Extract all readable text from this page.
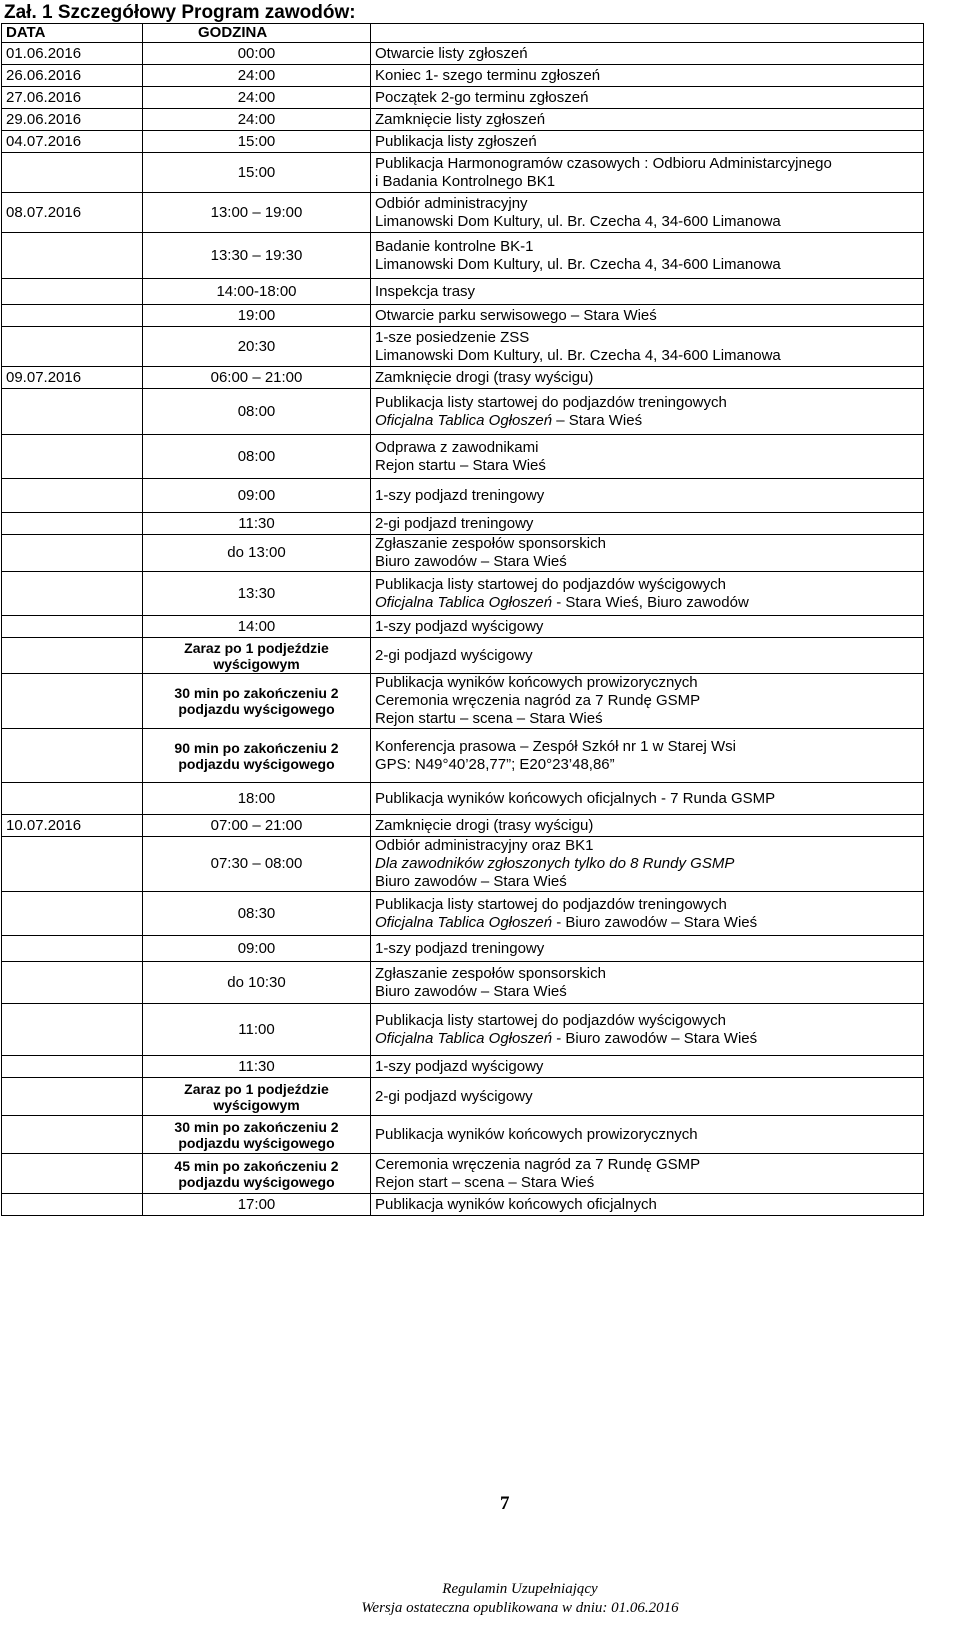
Zał. 1 Szczegółowy Program zawodów:
DATA	GODZINA	
01.06.2016	00:00	Otwarcie listy zgłoszeń

26.06.2016	24:00	Koniec 1- szego terminu zgłoszeń

27.06.2016	24:00	Początek 2-go terminu zgłoszeń

29.06.2016	24:00	Zamknięcie listy zgłoszeń

04.07.2016	15:00	Publikacja listy zgłoszeń

	15:00	Publikacja Harmonogramów czasowych : Odbioru Administarcyjnego
i Badania Kontrolnego BK1

08.07.2016	13:00 – 19:00	Odbiór administracyjny
Limanowski Dom Kultury, ul. Br. Czecha 4, 34-600 Limanowa

	13:30 – 19:30	Badanie kontrolne BK-1
Limanowski Dom Kultury, ul. Br. Czecha 4, 34-600 Limanowa

	14:00-18:00	Inspekcja trasy

	19:00	Otwarcie parku serwisowego – Stara Wieś

	20:30	1-sze posiedzenie ZSS
Limanowski Dom Kultury, ul. Br. Czecha 4, 34-600 Limanowa

09.07.2016	06:00 – 21:00	Zamknięcie drogi (trasy wyścigu)

	08:00	Publikacja listy startowej do podjazdów treningowych
Oficjalna Tablica Ogłoszeń – Stara Wieś

	08:00	Odprawa z zawodnikami
Rejon startu – Stara Wieś

	09:00	1-szy podjazd treningowy

	11:30	2-gi podjazd treningowy

	do 13:00	Zgłaszanie zespołów sponsorskich
Biuro zawodów – Stara Wieś

	13:30	Publikacja listy startowej do podjazdów wyścigowych
Oficjalna Tablica Ogłoszeń - Stara Wieś, Biuro zawodów

	14:00	1-szy podjazd wyścigowy

	Zaraz po 1 podjeździe wyścigowym	2-gi podjazd wyścigowy

	30 min po zakończeniu 2 podjazdu wyścigowego	Publikacja wyników końcowych prowizorycznych
Ceremonia wręczenia nagród za 7 Rundę GSMP
Rejon startu – scena – Stara Wieś

	90 min po zakończeniu 2 podjazdu wyścigowego	Konferencja prasowa – Zespół Szkół nr 1 w Starej Wsi
GPS: N49°40’28,77”; E20°23’48,86”

	18:00	Publikacja wyników końcowych oficjalnych - 7 Runda GSMP

10.07.2016	07:00 – 21:00	Zamknięcie drogi (trasy wyścigu)

	07:30 – 08:00	Odbiór administracyjny oraz BK1
Dla zawodników zgłoszonych tylko do 8 Rundy GSMP
Biuro zawodów – Stara Wieś

	08:30	Publikacja listy startowej do podjazdów treningowych
Oficjalna Tablica Ogłoszeń - Biuro zawodów – Stara Wieś

	09:00	1-szy podjazd treningowy

	do 10:30	Zgłaszanie zespołów sponsorskich
Biuro zawodów – Stara Wieś

	11:00	Publikacja listy startowej do podjazdów wyścigowych
Oficjalna Tablica Ogłoszeń - Biuro zawodów – Stara Wieś

	11:30	1-szy podjazd wyścigowy

	Zaraz po 1 podjeździe wyścigowym	2-gi podjazd wyścigowy

	30 min po zakończeniu 2 podjazdu wyścigowego	Publikacja wyników końcowych prowizorycznych

	45 min po zakończeniu 2 podjazdu wyścigowego	Ceremonia wręczenia nagród za 7 Rundę GSMP
Rejon start – scena – Stara Wieś

	17:00	Publikacja wyników końcowych oficjalnych
7
Regulamin Uzupełniający
Wersja ostateczna opublikowana w dniu: 01.06.2016
